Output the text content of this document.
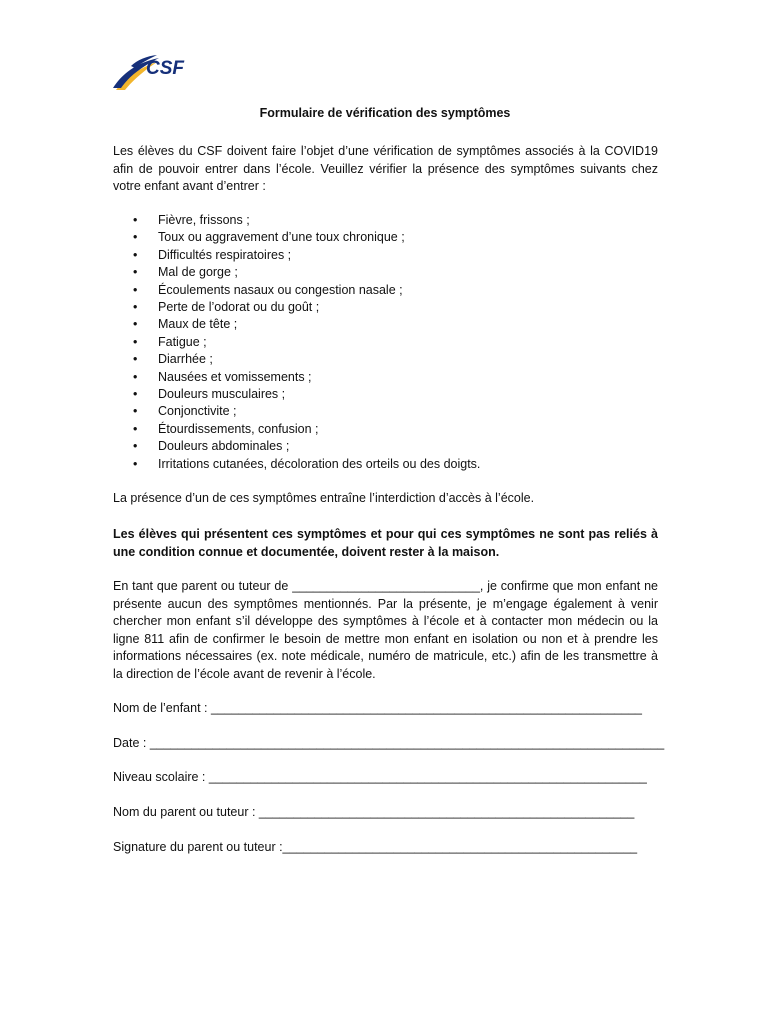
CSF
Formulaire de vérification des symptômes
Les élèves du CSF doivent faire l’objet d’une vérification de symptômes associés à la COVID19 afin de pouvoir entrer dans l’école. Veuillez vérifier la présence des symptômes suivants chez votre enfant avant d’entrer :
• Fièvre, frissons ;
• Toux ou aggravement d’une toux chronique ;
• Difficultés respiratoires ;
• Mal de gorge ;
• Écoulements nasaux ou congestion nasale ;
• Perte de l’odorat ou du goût ;
• Maux de tête ;
• Fatigue ;
• Diarrhée ;
• Nausées et vomissements ;
• Douleurs musculaires ;
• Conjonctivite ;
• Étourdissements, confusion ;
• Douleurs abdominales ;
• Irritations cutanées, décoloration des orteils ou des doigts.
La présence d’un de ces symptômes entraîne l’interdiction d’accès à l’école.
Les élèves qui présentent ces symptômes et pour qui ces symptômes ne sont pas reliés à une condition connue et documentée, doivent rester à la maison.
En tant que parent ou tuteur de ___________________________, je confirme que mon enfant ne présente aucun des symptômes mentionnés. Par la présente, je m’engage également à venir chercher mon enfant s’il développe des symptômes à l’école et à contacter mon médecin ou la ligne 811 afin de confirmer le besoin de mettre mon enfant en isolation ou non et à prendre les informations nécessaires (ex. note médicale, numéro de matricule, etc.) afin de les transmettre à la direction de l’école avant de revenir à l’école.
Nom de l’enfant : ______________________________________________________________
Date : __________________________________________________________________________
Niveau scolaire : _______________________________________________________________
Nom du parent ou tuteur : ______________________________________________________
Signature du parent ou tuteur :___________________________________________________
